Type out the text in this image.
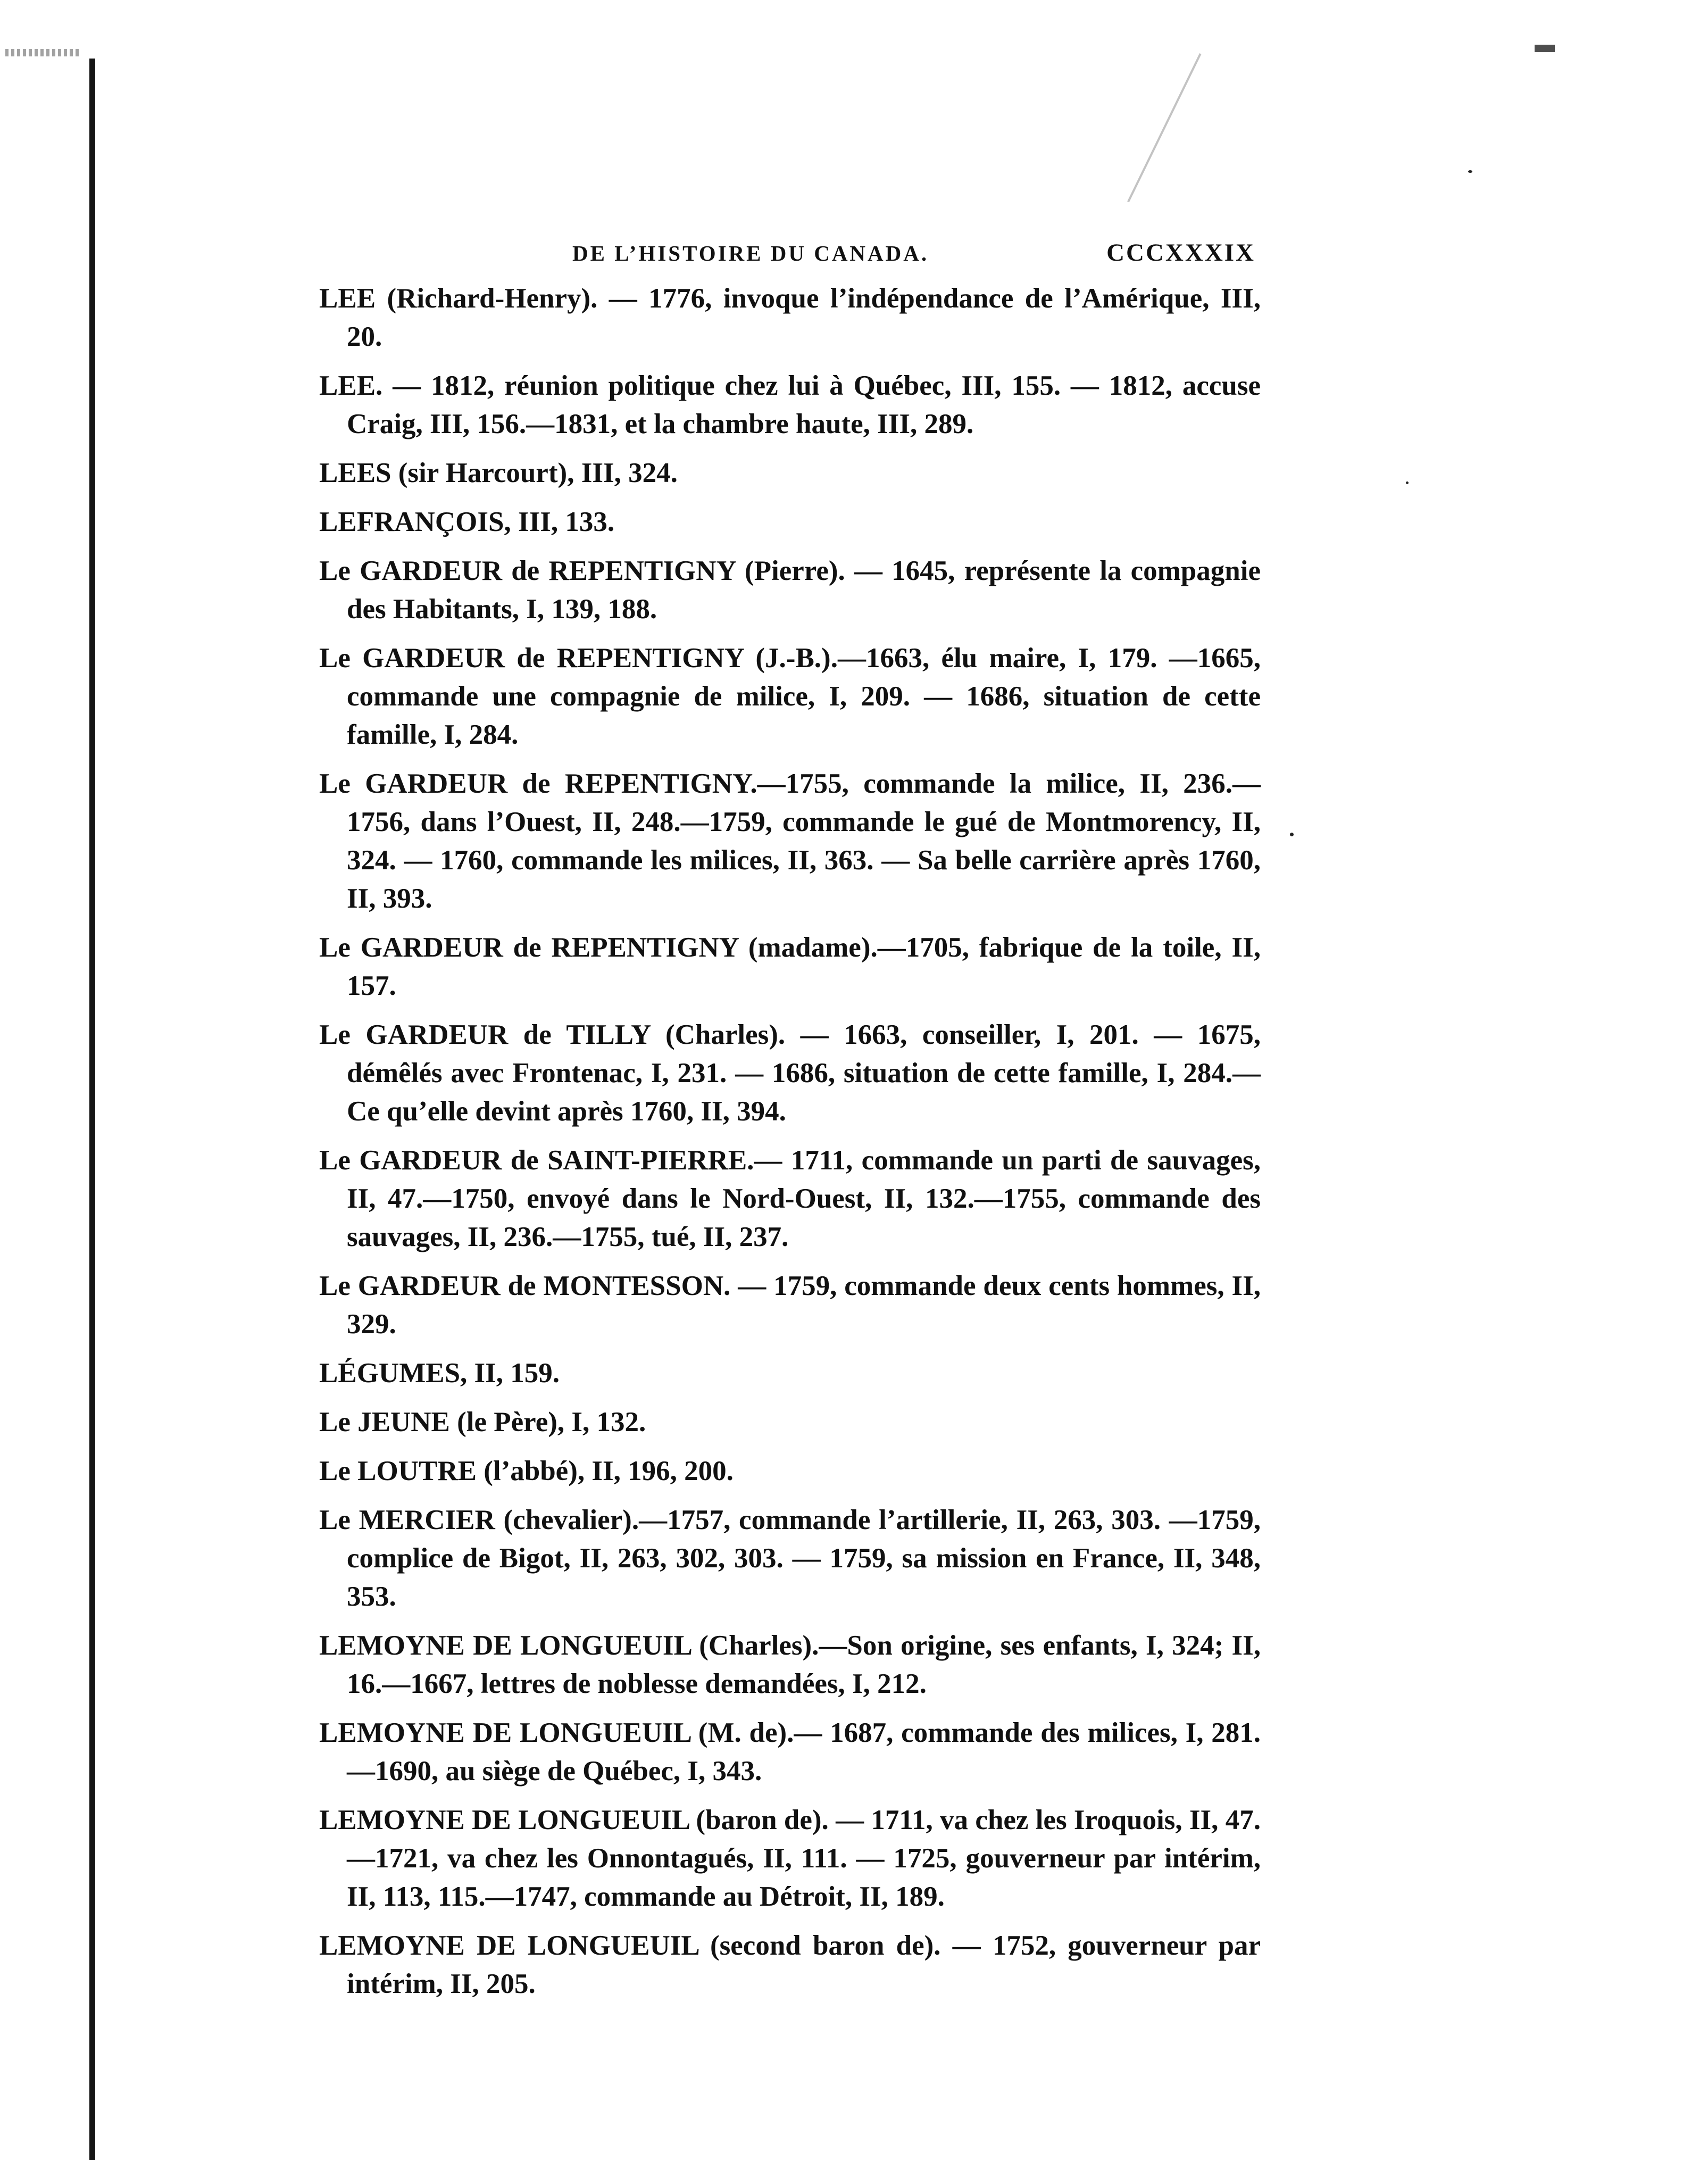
DE L’HISTOIRE DU CANADA.	CCCXXXIX

LEE (Richard-Henry). — 1776, invoque l’indépendance de l’Amérique, III, 20.

LEE. — 1812, réunion politique chez lui à Québec, III, 155. — 1812, accuse Craig, III, 156.—1831, et la chambre haute, III, 289.

LEES (sir Harcourt), III, 324.

LEFRANÇOIS, III, 133.

Le GARDEUR de REPENTIGNY (Pierre). — 1645, représente la compagnie des Habitants, I, 139, 188.

Le GARDEUR de REPENTIGNY (J.-B.).—1663, élu maire, I, 179. —1665, commande une compagnie de milice, I, 209. — 1686, situation de cette famille, I, 284.

Le GARDEUR de REPENTIGNY.—1755, commande la milice, II, 236.—1756, dans l’Ouest, II, 248.—1759, commande le gué de Montmorency, II, 324. — 1760, commande les milices, II, 363. — Sa belle carrière après 1760, II, 393.

Le GARDEUR de REPENTIGNY (madame).—1705, fabrique de la toile, II, 157.

Le GARDEUR de TILLY (Charles). — 1663, conseiller, I, 201. — 1675, démêlés avec Frontenac, I, 231. — 1686, situation de cette famille, I, 284.—Ce qu’elle devint après 1760, II, 394.

Le GARDEUR de SAINT-PIERRE.— 1711, commande un parti de sauvages, II, 47.—1750, envoyé dans le Nord-Ouest, II, 132.—1755, commande des sauvages, II, 236.—1755, tué, II, 237.

Le GARDEUR de MONTESSON. — 1759, commande deux cents hommes, II, 329.

LÉGUMES, II, 159.

Le JEUNE (le Père), I, 132.

Le LOUTRE (l’abbé), II, 196, 200.

Le MERCIER (chevalier).—1757, commande l’artillerie, II, 263, 303. —1759, complice de Bigot, II, 263, 302, 303. — 1759, sa mission en France, II, 348, 353.

LEMOYNE DE LONGUEUIL (Charles).—Son origine, ses enfants, I, 324; II, 16.—1667, lettres de noblesse demandées, I, 212.

LEMOYNE DE LONGUEUIL (M. de).— 1687, commande des milices, I, 281.—1690, au siège de Québec, I, 343.

LEMOYNE DE LONGUEUIL (baron de). — 1711, va chez les Iroquois, II, 47.—1721, va chez les Onnontagués, II, 111. — 1725, gouverneur par intérim, II, 113, 115.—1747, commande au Détroit, II, 189.

LEMOYNE DE LONGUEUIL (second baron de). — 1752, gouverneur par intérim, II, 205.
